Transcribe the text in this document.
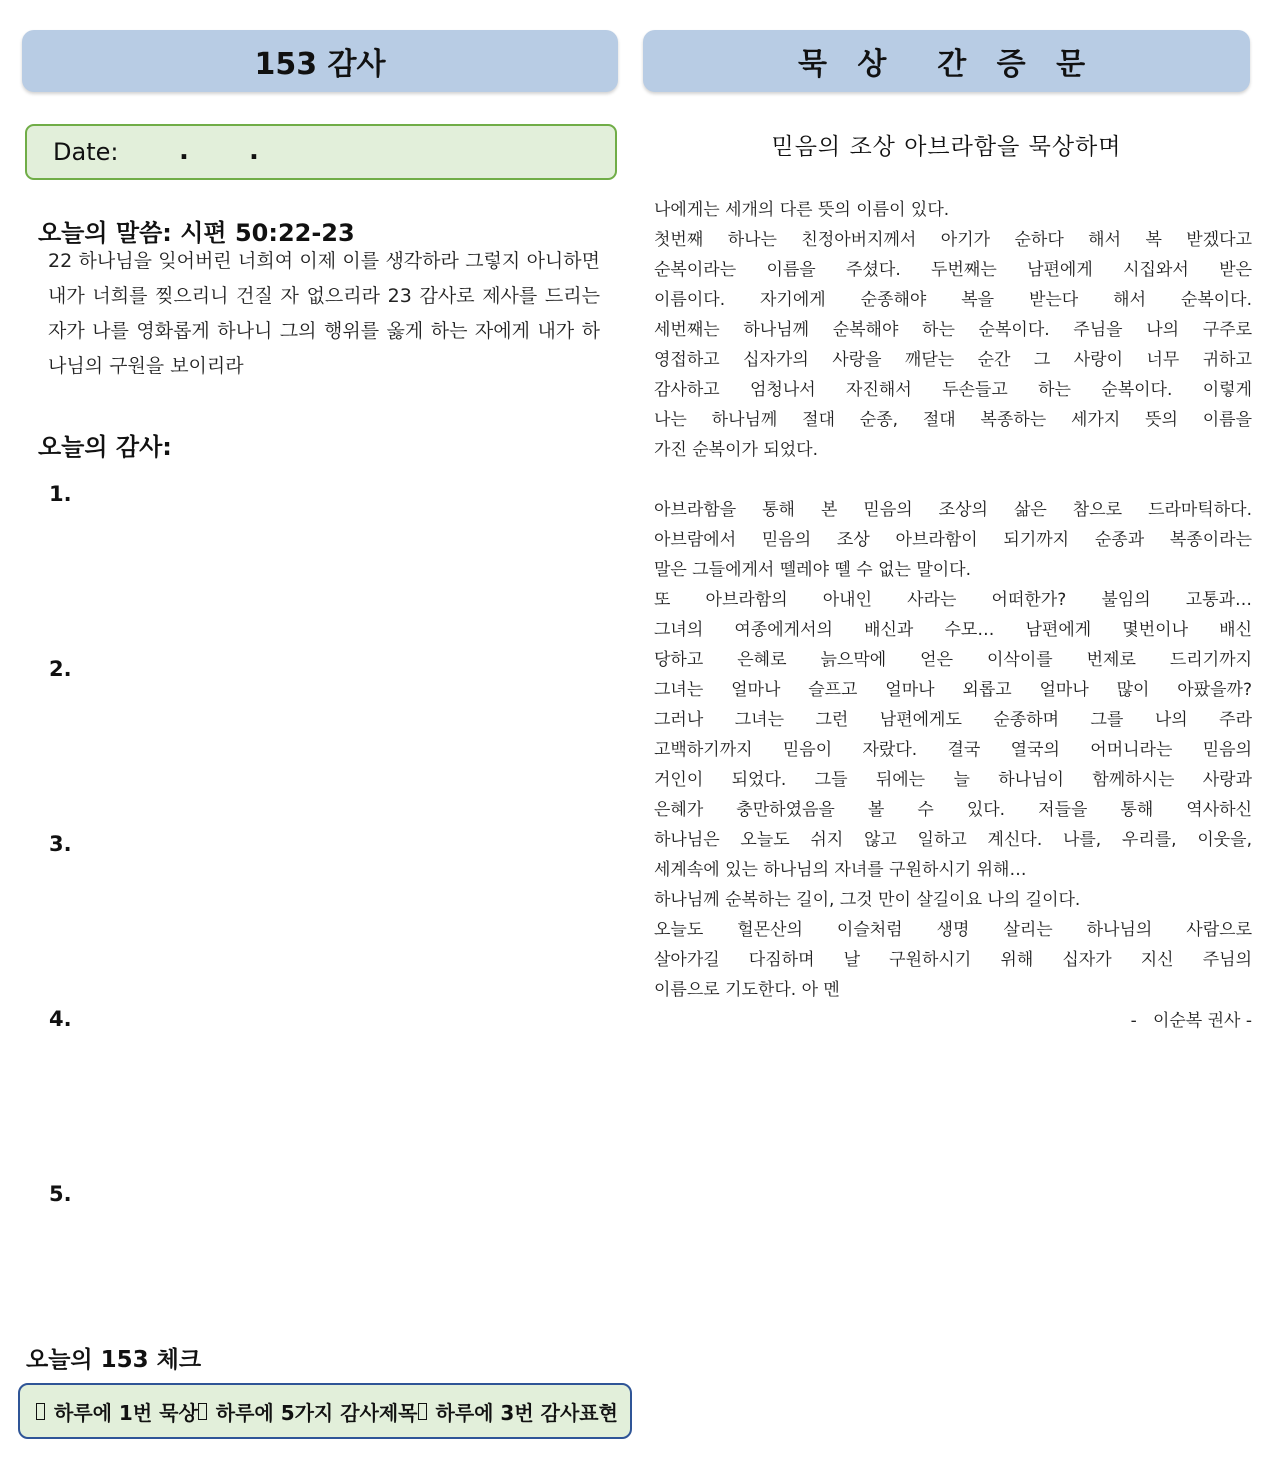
153 감사	묵 상  간 증 문
Date: . .
오늘의 말씀: 시편 50:22-23
22 하나님을 잊어버린 너희여 이제 이를 생각하라 그렇지 아니하면 내가 너희를 찢으리니 건질 자 없으리라 23 감사로 제사를 드리는 자가 나를 영화롭게 하나니 그의 행위를 옳게 하는 자에게 내가 하나님의 구원을 보이리라
오늘의 감사:
1.
2.
3.
4.
5.
오늘의 153 체크
하루에 1번 묵상 하루에 5가지 감사제목 하루에 3번 감사표현
믿음의 조상 아브라함을 묵상하며
나에게는 세개의 다른 뜻의 이름이 있다.
첫번째 하나는 친정아버지께서 아기가 순하다 해서 복 받겠다고
순복이라는 이름을 주셨다. 두번째는 남편에게 시집와서 받은
이름이다. 자기에게 순종해야 복을 받는다 해서 순복이다.
세번째는 하나님께 순복해야 하는 순복이다. 주님을 나의 구주로
영접하고 십자가의 사랑을 깨닫는 순간 그 사랑이 너무 귀하고
감사하고 엄청나서 자진해서 두손들고 하는 순복이다. 이렇게
나는 하나님께 절대 순종, 절대 복종하는 세가지 뜻의 이름을
가진 순복이가 되었다.
아브라함을 통해 본 믿음의 조상의 삶은 참으로 드라마틱하다.
아브람에서 믿음의 조상 아브라함이 되기까지 순종과 복종이라는
말은 그들에게서 뗄레야 뗄 수 없는 말이다.
또 아브라함의 아내인 사라는 어떠한가? 불임의 고통과…
그녀의 여종에게서의 배신과 수모… 남편에게 몇번이나 배신
당하고 은혜로 늙으막에 얻은 이삭이를 번제로 드리기까지
그녀는 얼마나 슬프고 얼마나 외롭고 얼마나 많이 아팠을까?
그러나 그녀는 그런 남편에게도 순종하며 그를 나의 주라
고백하기까지 믿음이 자랐다. 결국 열국의 어머니라는 믿음의
거인이 되었다. 그들 뒤에는 늘 하나님이 함께하시는 사랑과
은혜가 충만하였음을 볼 수 있다. 저들을 통해 역사하신
하나님은 오늘도 쉬지 않고 일하고 계신다. 나를, 우리를, 이웃을,
세계속에 있는 하나님의 자녀를 구원하시기 위해…
하나님께 순복하는 길이, 그것 만이 살길이요 나의 길이다.
오늘도 헐몬산의 이슬처럼 생명 살리는 하나님의 사람으로
살아가길 다짐하며 날 구원하시기 위해 십자가 지신 주님의
이름으로 기도한다. 아 멘
-   이순복 권사 -
